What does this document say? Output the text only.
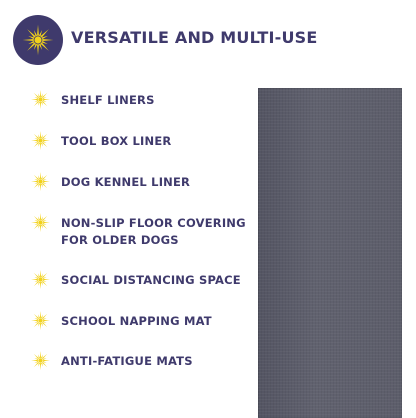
VERSATILE AND MULTI-USE
SHELF LINERS
TOOL BOX LINER
DOG KENNEL LINER
NON-SLIP FLOOR COVERING
FOR OLDER DOGS
SOCIAL DISTANCING SPACE
SCHOOL NAPPING MAT
ANTI-FATIGUE MATS
